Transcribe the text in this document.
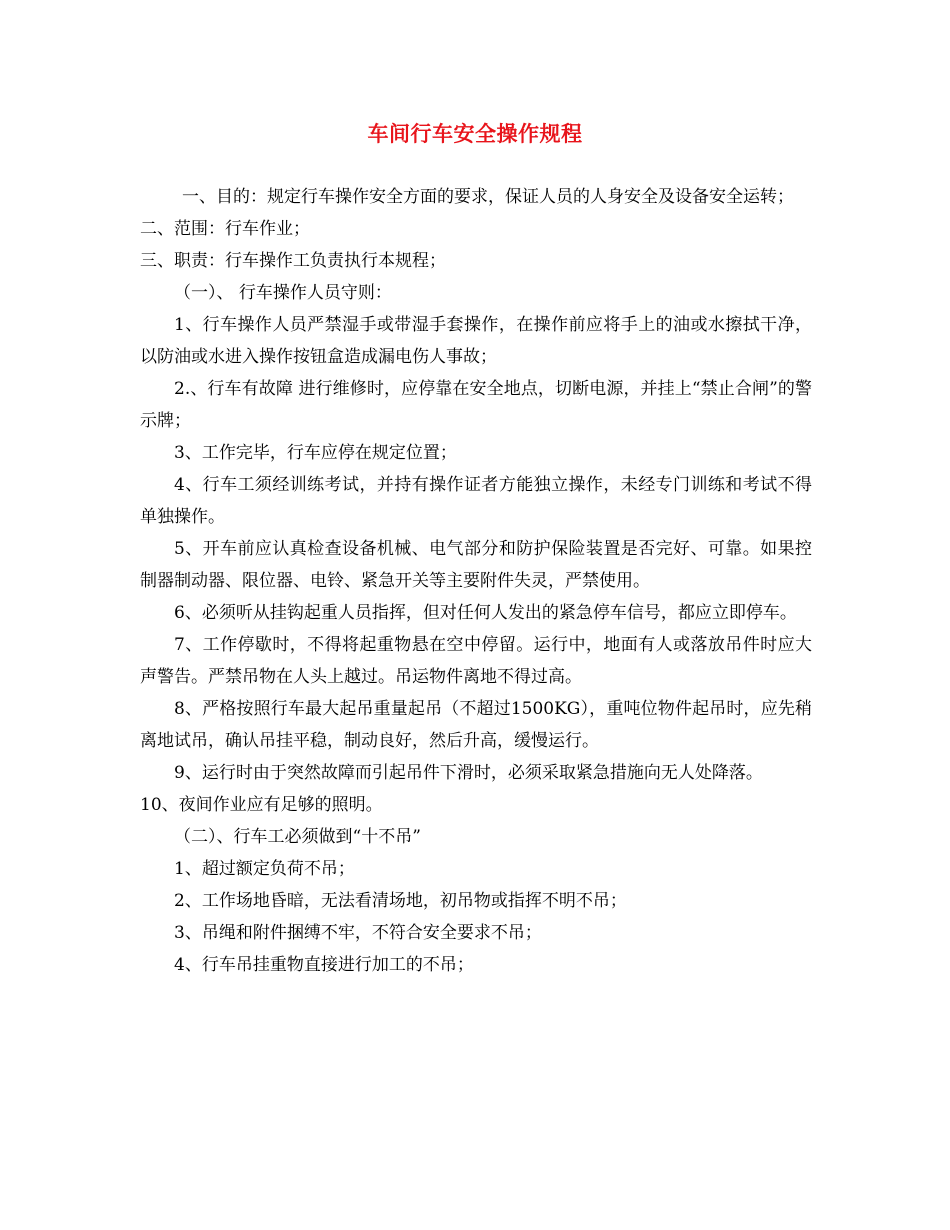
车间行车安全操作规程

一、目的：规定行车操作安全方面的要求，保证人员的人身安全及设备安全运转；

二、范围：行车作业；

三、职责：行车操作工负责执行本规程；

（一）、 行车操作人员守则：

1、行车操作人员严禁湿手或带湿手套操作，在操作前应将手上的油或水擦拭干净，以防油或水进入操作按钮盒造成漏电伤人事故；

2.、行车有故障 进行维修时，应停靠在安全地点，切断电源，并挂上“禁止合闸”的警示牌；

3、工作完毕，行车应停在规定位置；

4、行车工须经训练考试，并持有操作证者方能独立操作，未经专门训练和考试不得单独操作。

5、开车前应认真检查设备机械、电气部分和防护保险装置是否完好、可靠。如果控制器制动器、限位器、电铃、紧急开关等主要附件失灵，严禁使用。

6、必须听从挂钩起重人员指挥，但对任何人发出的紧急停车信号，都应立即停车。

7、工作停歇时，不得将起重物悬在空中停留。运行中，地面有人或落放吊件时应大声警告。严禁吊物在人头上越过。吊运物件离地不得过高。

8、严格按照行车最大起吊重量起吊（不超过1500KG），重吨位物件起吊时，应先稍离地试吊，确认吊挂平稳，制动良好，然后升高，缓慢运行。

9、运行时由于突然故障而引起吊件下滑时，必须采取紧急措施向无人处降落。

10、夜间作业应有足够的照明。

（二）、行车工必须做到“十不吊”

1、超过额定负荷不吊；

2、工作场地昏暗，无法看清场地，初吊物或指挥不明不吊；

3、吊绳和附件捆缚不牢，不符合安全要求不吊；

4、行车吊挂重物直接进行加工的不吊；
